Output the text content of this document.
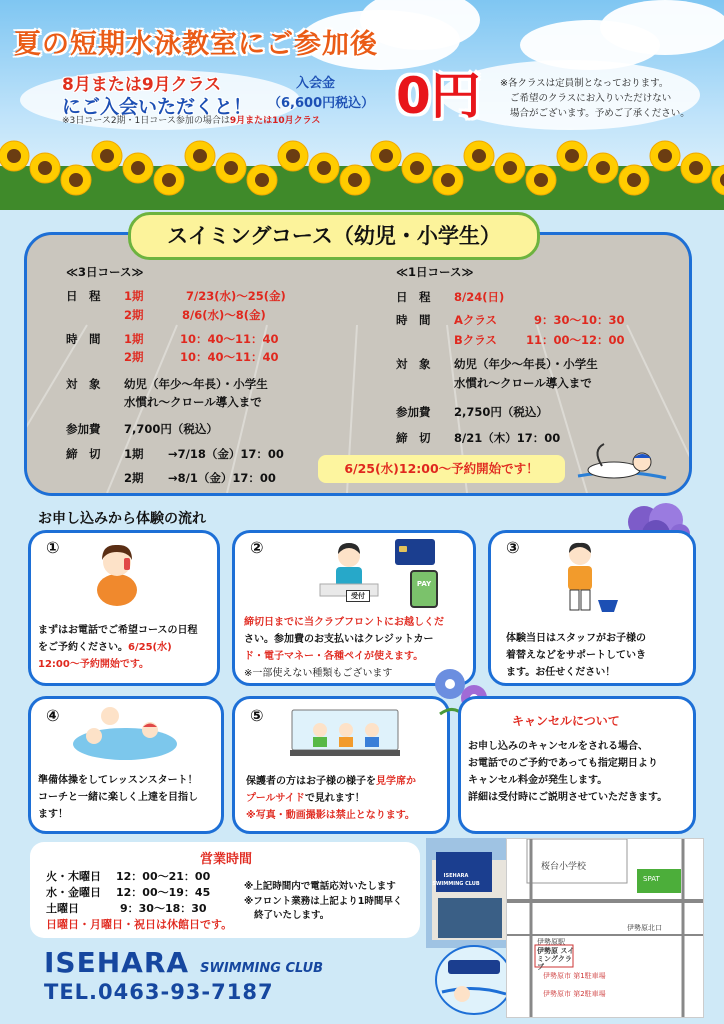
夏の短期水泳教室にご参加後
8月または9月クラス
にご入会いただくと！
入会金
（6,600円税込） 0円
※3日コース2期・1日コース参加の場合は9月または10月クラス
※各クラスは定員制となっております。
ご希望のクラスにお入りいただけない
場合がございます。予めご了承ください。
スイミングコース（幼児・小学生）
≪3日コース≫
日　程 1期	7/23(水)～25(金)
2期	8/6(水)～8(金)
時　間 1期	10：40～11：40
2期	10：40～11：40
対　象 幼児（年少～年長）・小学生
水慣れ～クロール導入まで
参加費 7,700円（税込）
締　切 1期 →7/18（金）17：00
2期 →8/1（金）17：00
≪1日コース≫
日　程 8/24(日)
時　間 Aクラス	9：30～10：30
Bクラス	11：00～12：00
対　象 幼児（年少～年長）・小学生
水慣れ～クロール導入まで
参加費 2,750円（税込）
締　切 8/21（木）17：00
6/25(水)12:00～予約開始です！
お申し込みから体験の流れ
①
まずはお電話でご希望コースの日程
をご予約ください。6/25(水)
12:00～予約開始です。
②
受付
PAY
締切日までに当クラブフロントにお越しくだ
さい。参加費のお支払いはクレジットカー
ド・電子マネー・各種ペイが使えます。
※一部使えない種類もございます
③
体験当日はスタッフがお子様の
着替えなどをサポートしていき
ます。お任せください！
④
準備体操をしてレッスンスタート！
コーチと一緒に楽しく上達を目指し
ます！
⑤
保護者の方はお子様の様子を見学席か
プールサイドで見れます！
※写真・動画撮影は禁止となります。
キャンセルについて
お申し込みのキャンセルをされる場合、
お電話でのご予約であっても指定期日より
キャンセル料金が発生します。
詳細は受付時にご説明させていただきます。
営業時間
火・木曜日 12：00～21：00
水・金曜日 12：00～19：45
土曜日	9：30～18：30
日曜日・月曜日・祝日は休館日です。
※上記時間内で電話応対いたします
※フロント業務は上記より1時間早く
終了いたします。
ISEHARA SWIMMING CLUB
ISEHARA SWIMMING CLUB
TEL.0463-93-7187
桜台小学校
伊勢原駅
伊勢原 スイミングクラブ
伊勢原北口
伊勢原市 第1駐車場
伊勢原市 第2駐車場
SPAT
